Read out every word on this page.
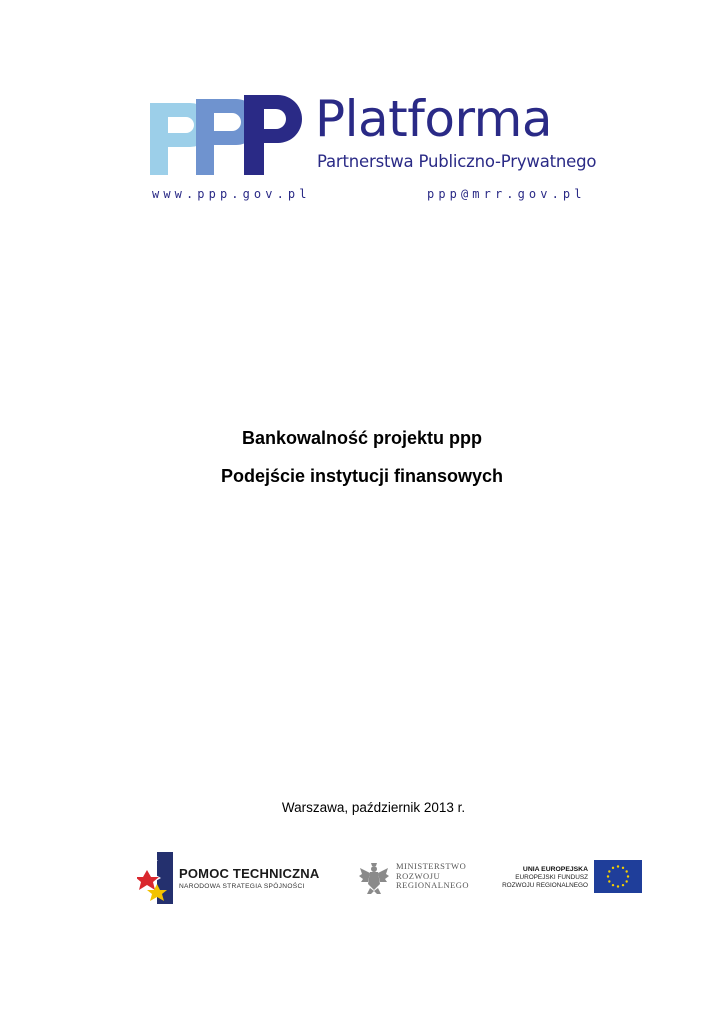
Platforma
Partnerstwa Publiczno-Prywatnego
www.ppp.gov.pl	ppp@mrr.gov.pl
Bankowalność projektu ppp
Podejście instytucji finansowych
Warszawa, październik 2013 r.
POMOC TECHNICZNA
NARODOWA STRATEGIA SPÓJNOŚCI
MINISTERSTWO
ROZWOJU
REGIONALNEGO
UNIA EUROPEJSKA
EUROPEJSKI FUNDUSZ
ROZWOJU REGIONALNEGO
